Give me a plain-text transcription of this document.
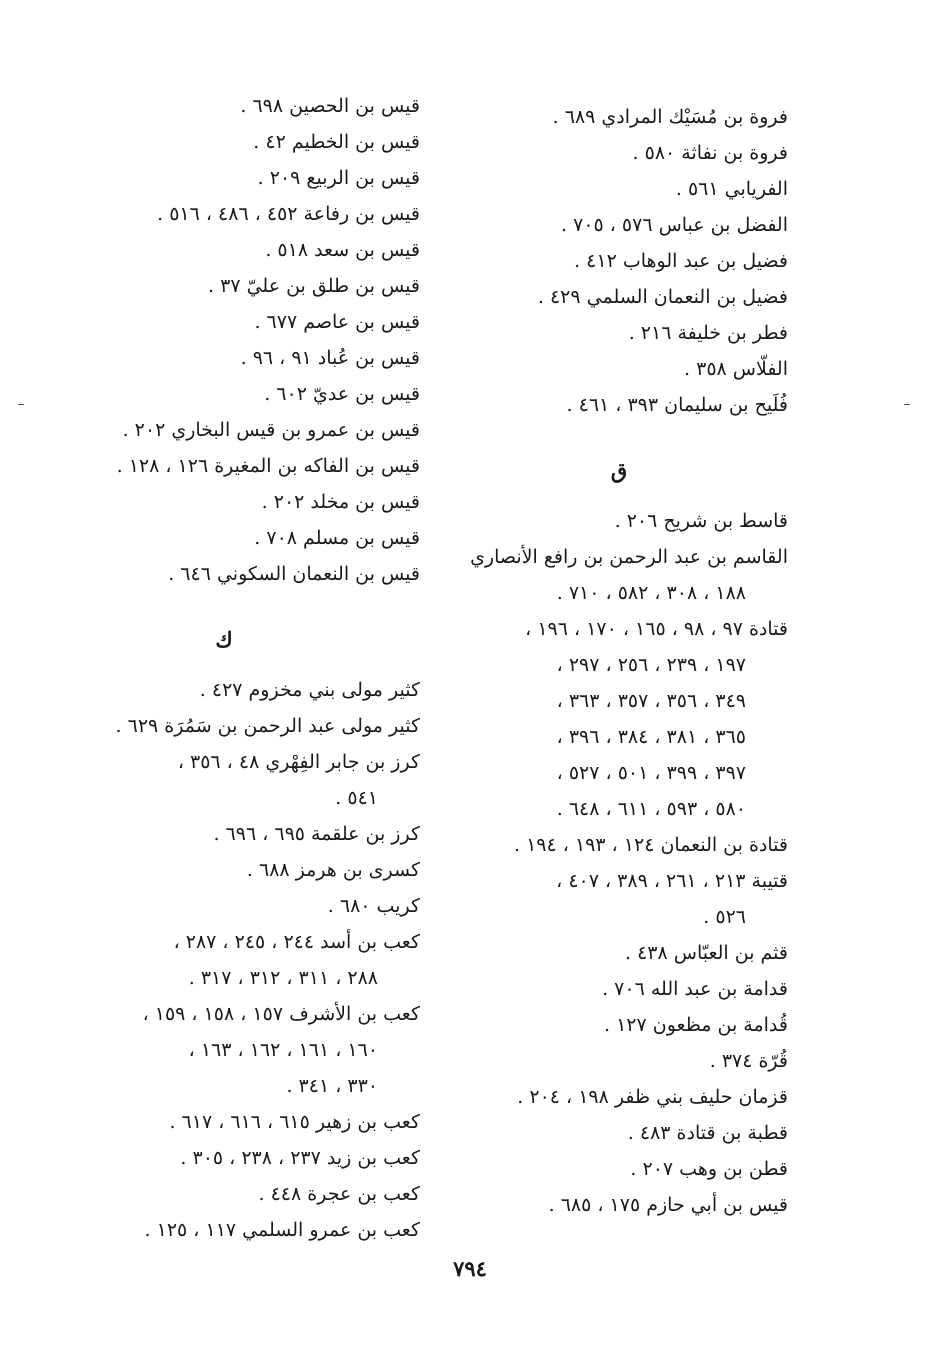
فروة بن مُسَيْك المرادي ٦٨٩ .
فروة بن نفاثة ٥٨٠ .
الفريابي ٥٦١ .
الفضل بن عباس ٥٧٦ ، ٧٠٥ .
فضيل بن عبد الوهاب ٤١٢ .
فضيل بن النعمان السلمي ٤٢٩ .
فطر بن خليفة ٢١٦ .
الفلّاس ٣٥٨ .
فُلَيح بن سليمان ٣٩٣ ، ٤٦١ .
ق
قاسط بن شريح ٢٠٦ .
القاسم بن عبد الرحمن بن رافع الأنصاري
١٨٨ ، ٣٠٨ ، ٥٨٢ ، ٧١٠ .
قتادة ٩٧ ، ٩٨ ، ١٦٥ ، ١٧٠ ، ١٩٦ ،
١٩٧ ، ٢٣٩ ، ٢٥٦ ، ٢٩٧ ،
٣٤٩ ، ٣٥٦ ، ٣٥٧ ، ٣٦٣ ،
٣٦٥ ، ٣٨١ ، ٣٨٤ ، ٣٩٦ ،
٣٩٧ ، ٣٩٩ ، ٥٠١ ، ٥٢٧ ،
٥٨٠ ، ٥٩٣ ، ٦١١ ، ٦٤٨ .
قتادة بن النعمان ١٢٤ ، ١٩٣ ، ١٩٤ .
قتيبة ٢١٣ ، ٢٦١ ، ٣٨٩ ، ٤٠٧ ،
٥٢٦ .
قثم بن العبّاس ٤٣٨ .
قدامة بن عبد الله ٧٠٦ .
قُدامة بن مظعون ١٢٧ .
قُرّة ٣٧٤ .
قزمان حليف بني ظفر ١٩٨ ، ٢٠٤ .
قطبة بن قتادة ٤٨٣ .
قطن بن وهب ٢٠٧ .
قيس بن أبي حازم ١٧٥ ، ٦٨٥ .
قيس بن الحصين ٦٩٨ .
قيس بن الخطيم ٤٢ .
قيس بن الربيع ٢٠٩ .
قيس بن رفاعة ٤٥٢ ، ٤٨٦ ، ٥١٦ .
قيس بن سعد ٥١٨ .
قيس بن طلق بن عليّ ٣٧ .
قيس بن عاصم ٦٧٧ .
قيس بن عُباد ٩١ ، ٩٦ .
قيس بن عديّ ٦٠٢ .
قيس بن عمرو بن قيس البخاري ٢٠٢ .
قيس بن الفاكه بن المغيرة ١٢٦ ، ١٢٨ .
قيس بن مخلد ٢٠٢ .
قيس بن مسلم ٧٠٨ .
قيس بن النعمان السكوني ٦٤٦ .
ك
كثير مولى بني مخزوم ٤٢٧ .
كثير مولى عبد الرحمن بن سَمُرَة ٦٢٩ .
كرز بن جابر الفِهْري ٤٨ ، ٣٥٦ ،
٥٤١ .
كرز بن علقمة ٦٩٥ ، ٦٩٦ .
كسرى بن هرمز ٦٨٨ .
كريب ٦٨٠ .
كعب بن أسد ٢٤٤ ، ٢٤٥ ، ٢٨٧ ،
٢٨٨ ، ٣١١ ، ٣١٢ ، ٣١٧ .
كعب بن الأشرف ١٥٧ ، ١٥٨ ، ١٥٩ ،
١٦٠ ، ١٦١ ، ١٦٢ ، ١٦٣ ،
٣٣٠ ، ٣٤١ .
كعب بن زهير ٦١٥ ، ٦١٦ ، ٦١٧ .
كعب بن زيد ٢٣٧ ، ٢٣٨ ، ٣٠٥ .
كعب بن عجرة ٤٤٨ .
كعب بن عمرو السلمي ١١٧ ، ١٢٥ .
٧٩٤
